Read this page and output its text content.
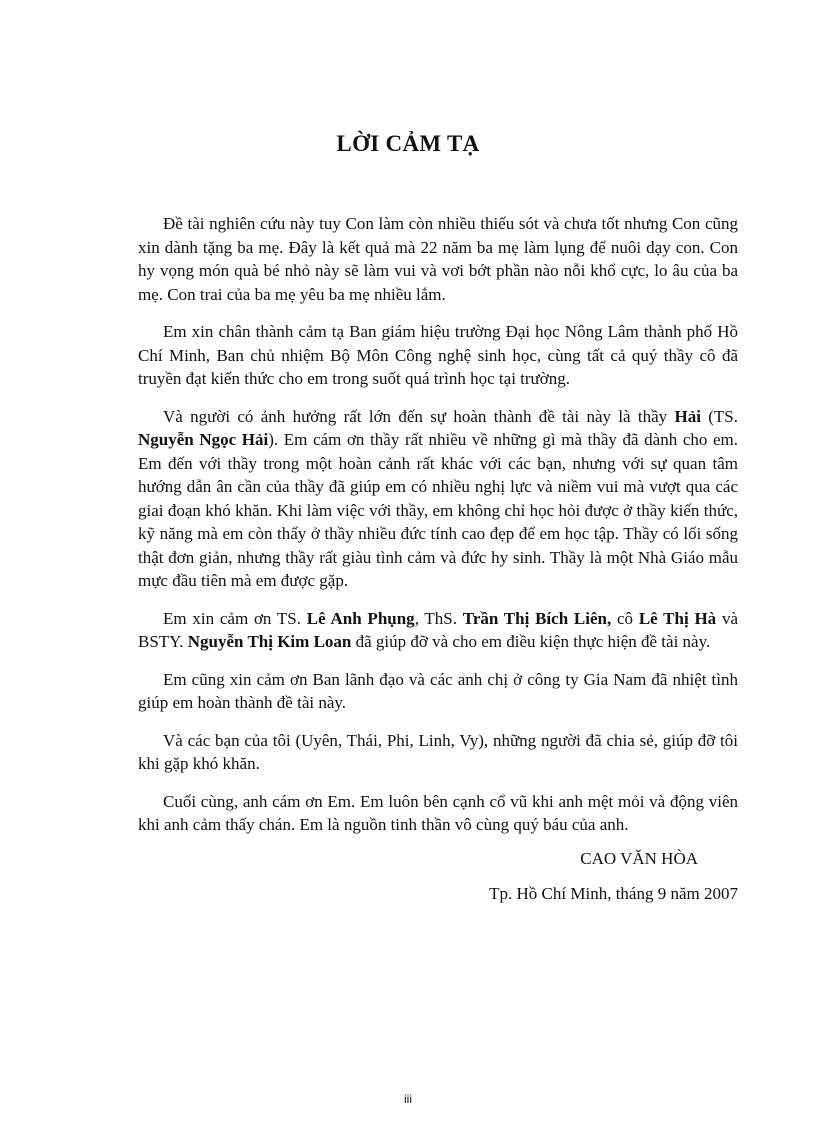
LỜI CẢM TẠ

Đề tài nghiên cứu này tuy Con làm còn nhiều thiếu sót và chưa tốt nhưng Con cũng xin dành tặng ba mẹ. Đây là kết quả mà 22 năm ba mẹ làm lụng để nuôi dạy con. Con hy vọng món quà bé nhỏ này sẽ làm vui và vơi bớt phần nào nỗi khổ cực, lo âu của ba mẹ. Con trai của ba mẹ yêu ba mẹ nhiều lắm.

Em xin chân thành cảm tạ Ban giám hiệu trường Đại học Nông Lâm thành phố Hồ Chí Minh, Ban chủ nhiệm Bộ Môn Công nghệ sinh học, cùng tất cả quý thầy cô đã truyền đạt kiến thức cho em trong suốt quá trình học tại trường.

Và người có ảnh hưởng rất lớn đến sự hoàn thành đề tài này là thầy Hải (TS. Nguyễn Ngọc Hải). Em cám ơn thầy rất nhiều về những gì mà thầy đã dành cho em. Em đến với thầy trong một hoàn cảnh rất khác với các bạn, nhưng với sự quan tâm hướng dẫn ân cần của thầy đã giúp em có nhiều nghị lực và niềm vui mà vượt qua các giai đoạn khó khăn. Khi làm việc với thầy, em không chỉ học hỏi được ở thầy kiến thức, kỹ năng mà em còn thấy ở thầy nhiều đức tính cao đẹp để em học tập. Thầy có lối sống thật đơn giản, nhưng thầy rất giàu tình cảm và đức hy sinh. Thầy là một Nhà Giáo mẫu mực đầu tiên mà em được gặp.

Em xin cảm ơn TS. Lê Anh Phụng, ThS. Trần Thị Bích Liên, cô Lê Thị Hà và BSTY. Nguyễn Thị Kim Loan đã giúp đỡ và cho em điều kiện thực hiện đề tài này.

Em cũng xin cảm ơn Ban lãnh đạo và các anh chị ở công ty Gia Nam đã nhiệt tình giúp em hoàn thành đề tài này.

Và các bạn của tôi (Uyên, Thái, Phi, Linh, Vy), những người đã chia sẻ, giúp đỡ tôi khi gặp khó khăn.

Cuối cùng, anh cám ơn Em. Em luôn bên cạnh cổ vũ khi anh mệt mỏi và động viên khi anh cảm thấy chán. Em là nguồn tinh thần vô cùng quý báu của anh.

CAO VĂN HÒA

Tp. Hồ Chí Minh, tháng 9 năm 2007

iii
